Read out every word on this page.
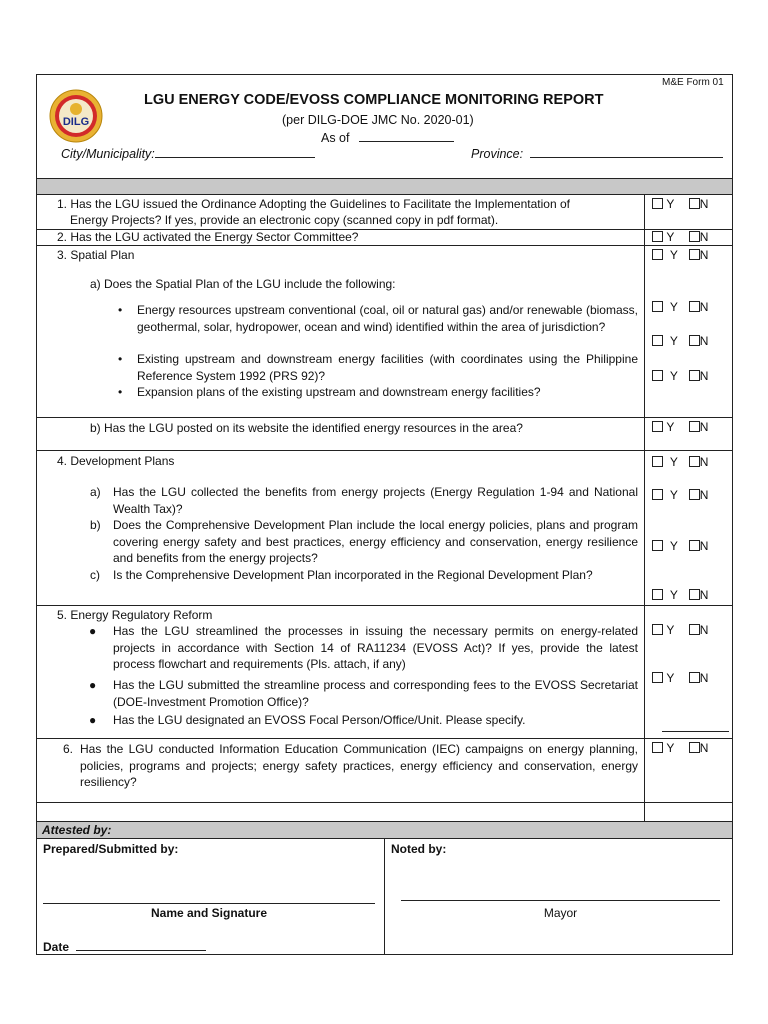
M&E Form 01
DILG
LGU ENERGY CODE/EVOSS COMPLIANCE MONITORING REPORT
(per DILG-DOE JMC No. 2020-01)
As of
City/Municipality:	Province:
1. Has the LGU issued the Ordinance Adopting the Guidelines to Facilitate the Implementation of
Energy Projects? If yes, provide an electronic copy (scanned copy in pdf format).
Y N
2. Has the LGU activated the Energy Sector Committee?	Y N
3. Spatial Plan	Y N
a) Does the Spatial Plan of the LGU include the following:
• Energy resources upstream conventional (coal, oil or natural gas) and/or renewable (biomass, geothermal, solar, hydropower, ocean and wind) identified within the area of jurisdiction?
Y N
• Existing upstream and downstream energy facilities (with coordinates using the Philippine Reference System 1992 (PRS 92)?
Y N
• Expansion plans of the existing upstream and downstream energy facilities?
Y N
b) Has the LGU posted on its website the identified energy resources in the area?	Y N
4. Development Plans	Y N
a) Has the LGU collected the benefits from energy projects (Energy Regulation 1-94 and National Wealth Tax)?
Y N
b) Does the Comprehensive Development Plan include the local energy policies, plans and program covering energy safety and best practices, energy efficiency and conservation, energy resilience and benefits from the energy projects?
Y N
c) Is the Comprehensive Development Plan incorporated in the Regional Development Plan?
Y N
5. Energy Regulatory Reform
● Has the LGU streamlined the processes in issuing the necessary permits on energy-related projects in accordance with Section 14 of RA11234 (EVOSS Act)? If yes, provide the latest process flowchart and requirements (Pls. attach, if any)
Y N
● Has the LGU submitted the streamline process and corresponding fees to the EVOSS Secretariat (DOE-Investment Promotion Office)?
Y N
● Has the LGU designated an EVOSS Focal Person/Office/Unit. Please specify.
6. Has the LGU conducted Information Education Communication (IEC) campaigns on energy planning, policies, programs and projects; energy safety practices, energy efficiency and conservation, energy resiliency?
Y N
Attested by:
Prepared/Submitted by:	Noted by:
Name and Signature	Mayor
Date
